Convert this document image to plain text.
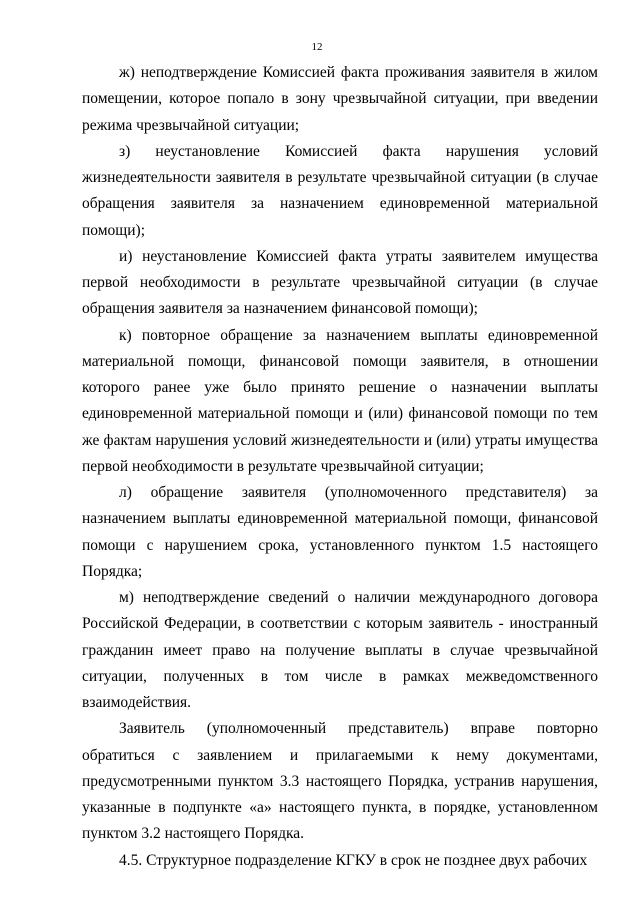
12

ж) неподтверждение Комиссией факта проживания заявителя в жилом помещении, которое попало в зону чрезвычайной ситуации, при введении режима чрезвычайной ситуации;

з) неустановление Комиссией факта нарушения условий жизнедеятельности заявителя в результате чрезвычайной ситуации (в случае обращения заявителя за назначением единовременной материальной помощи);

и) неустановление Комиссией факта утраты заявителем имущества первой необходимости в результате чрезвычайной ситуации (в случае обращения заявителя за назначением финансовой помощи);

к) повторное обращение за назначением выплаты единовременной материальной помощи, финансовой помощи заявителя, в отношении которого ранее уже было принято решение о назначении выплаты единовременной материальной помощи и (или) финансовой помощи по тем же фактам нарушения условий жизнедеятельности и (или) утраты имущества первой необходимости в результате чрезвычайной ситуации;

л) обращение заявителя (уполномоченного представителя) за назначением выплаты единовременной материальной помощи, финансовой помощи с нарушением срока, установленного пунктом 1.5 настоящего Порядка;

м) неподтверждение сведений о наличии международного договора Российской Федерации, в соответствии с которым заявитель - иностранный гражданин имеет право на получение выплаты в случае чрезвычайной ситуации, полученных в том числе в рамках межведомственного взаимодействия.

Заявитель (уполномоченный представитель) вправе повторно обратиться с заявлением и прилагаемыми к нему документами, предусмотренными пунктом 3.3 настоящего Порядка, устранив нарушения, указанные в подпункте «а» настоящего пункта, в порядке, установленном пунктом 3.2 настоящего Порядка.

4.5. Структурное подразделение КГКУ в срок не позднее двух рабочих
